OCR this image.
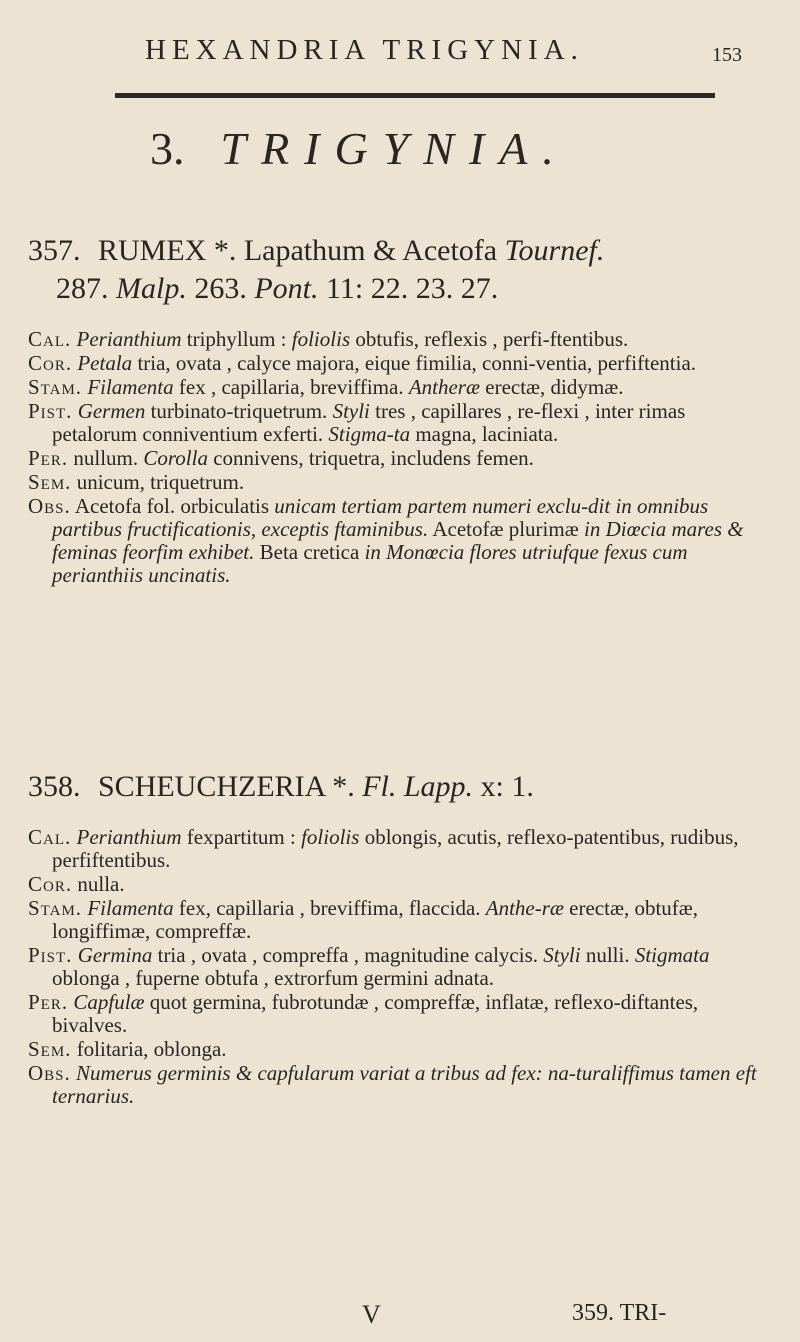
HEXANDRIA TRIGYNIA.	153
3. TRIGYNIA.

357. RUMEX *. Lapathum & Acetofa Tournef.

287. Malp. 263. Pont. 11: 22. 23. 27.

Cal. Perianthium triphyllum : foliolis obtufis, reflexis , perfi-ftentibus.

Cor. Petala tria, ovata , calyce majora, eique fimilia, conni-ventia, perfiftentia.

Stam. Filamenta fex , capillaria, breviffima. Antheræ erectæ, didymæ.

Pist. Germen turbinato-triquetrum. Styli tres , capillares , re-flexi , inter rimas petalorum conniventium exferti. Stigma-ta magna, laciniata.

Per. nullum. Corolla connivens, triquetra, includens femen.

Sem. unicum, triquetrum.

Obs. Acetofa fol. orbiculatis unicam tertiam partem numeri exclu-dit in omnibus partibus fructificationis, exceptis ftaminibus. Acetofæ plurimæ in Diœcia mares & feminas feorfim exhibet. Beta cretica in Monœcia flores utriufque fexus cum perianthiis uncinatis.

358. SCHEUCHZERIA *. Fl. Lapp. x: 1.

Cal. Perianthium fexpartitum : foliolis oblongis, acutis, reflexo-patentibus, rudibus, perfiftentibus.

Cor. nulla.

Stam. Filamenta fex, capillaria , breviffima, flaccida. Anthe-ræ erectæ, obtufæ, longiffimæ, compreffæ.

Pist. Germina tria , ovata , compreffa , magnitudine calycis. Styli nulli. Stigmata oblonga , fuperne obtufa , extrorfum germini adnata.

Per. Capfulæ quot germina, fubrotundæ , compreffæ, inflatæ, reflexo-diftantes, bivalves.

Sem. folitaria, oblonga.

Obs. Numerus germinis & capfularum variat a tribus ad fex: na-turaliffimus tamen eft ternarius.

V	359. TRI-
